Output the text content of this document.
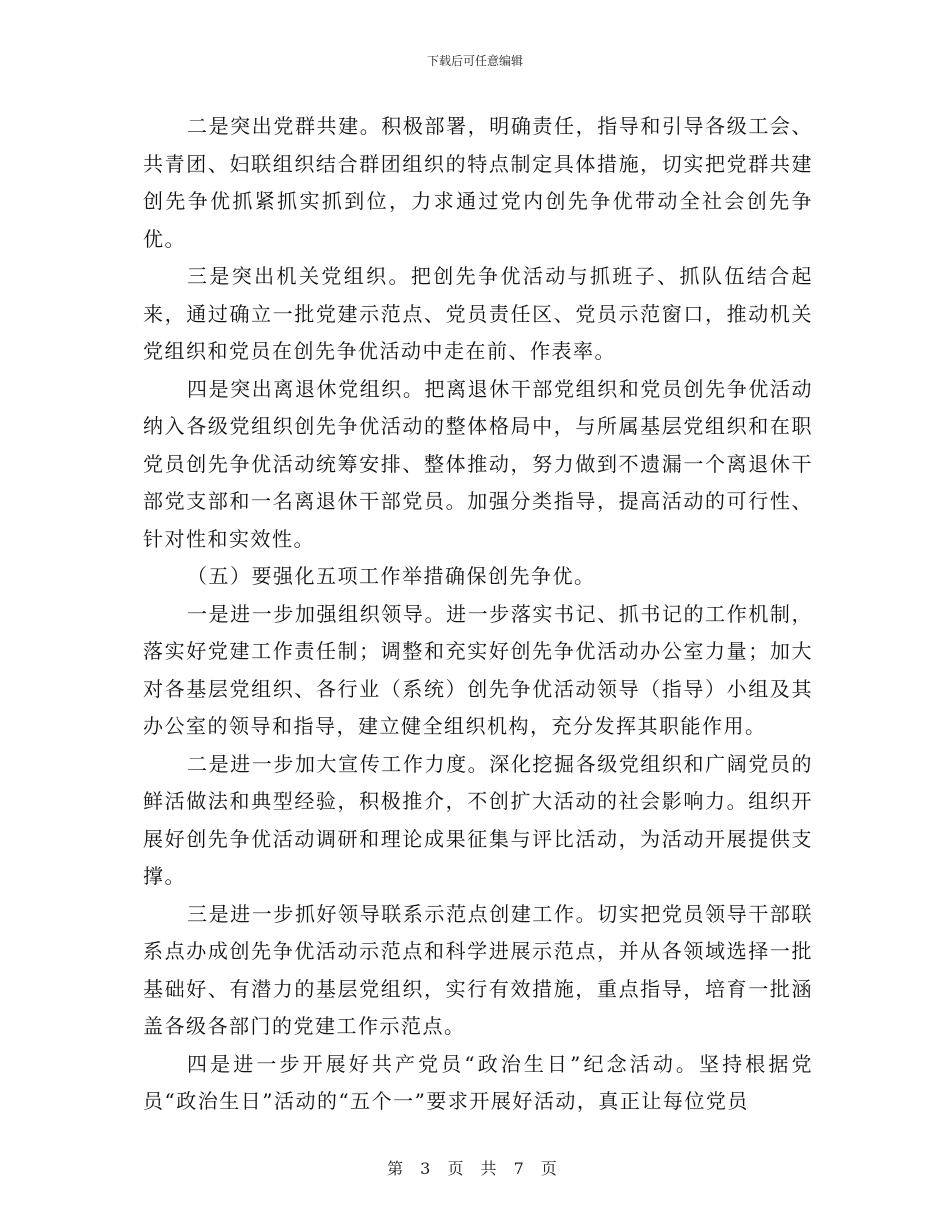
下载后可任意编辑

二是突出党群共建。积极部署，明确责任，指导和引导各级工会、共青团、妇联组织结合群团组织的特点制定具体措施，切实把党群共建创先争优抓紧抓实抓到位，力求通过党内创先争优带动全社会创先争优。

三是突出机关党组织。把创先争优活动与抓班子、抓队伍结合起来，通过确立一批党建示范点、党员责任区、党员示范窗口，推动机关党组织和党员在创先争优活动中走在前、作表率。

四是突出离退休党组织。把离退休干部党组织和党员创先争优活动纳入各级党组织创先争优活动的整体格局中，与所属基层党组织和在职党员创先争优活动统筹安排、整体推动，努力做到不遗漏一个离退休干部党支部和一名离退休干部党员。加强分类指导，提高活动的可行性、针对性和实效性。

（五）要强化五项工作举措确保创先争优。

一是进一步加强组织领导。进一步落实书记、抓书记的工作机制，落实好党建工作责任制；调整和充实好创先争优活动办公室力量；加大对各基层党组织、各行业（系统）创先争优活动领导（指导）小组及其办公室的领导和指导，建立健全组织机构，充分发挥其职能作用。

二是进一步加大宣传工作力度。深化挖掘各级党组织和广阔党员的鲜活做法和典型经验，积极推介，不创扩大活动的社会影响力。组织开展好创先争优活动调研和理论成果征集与评比活动，为活动开展提供支撑。

三是进一步抓好领导联系示范点创建工作。切实把党员领导干部联系点办成创先争优活动示范点和科学进展示范点，并从各领域选择一批基础好、有潜力的基层党组织，实行有效措施，重点指导，培育一批涵盖各级各部门的党建工作示范点。

四是进一步开展好共产党员“政治生日”纪念活动。坚持根据党员“政治生日”活动的“五个一”要求开展好活动，真正让每位党员

第 3 页 共 7 页
